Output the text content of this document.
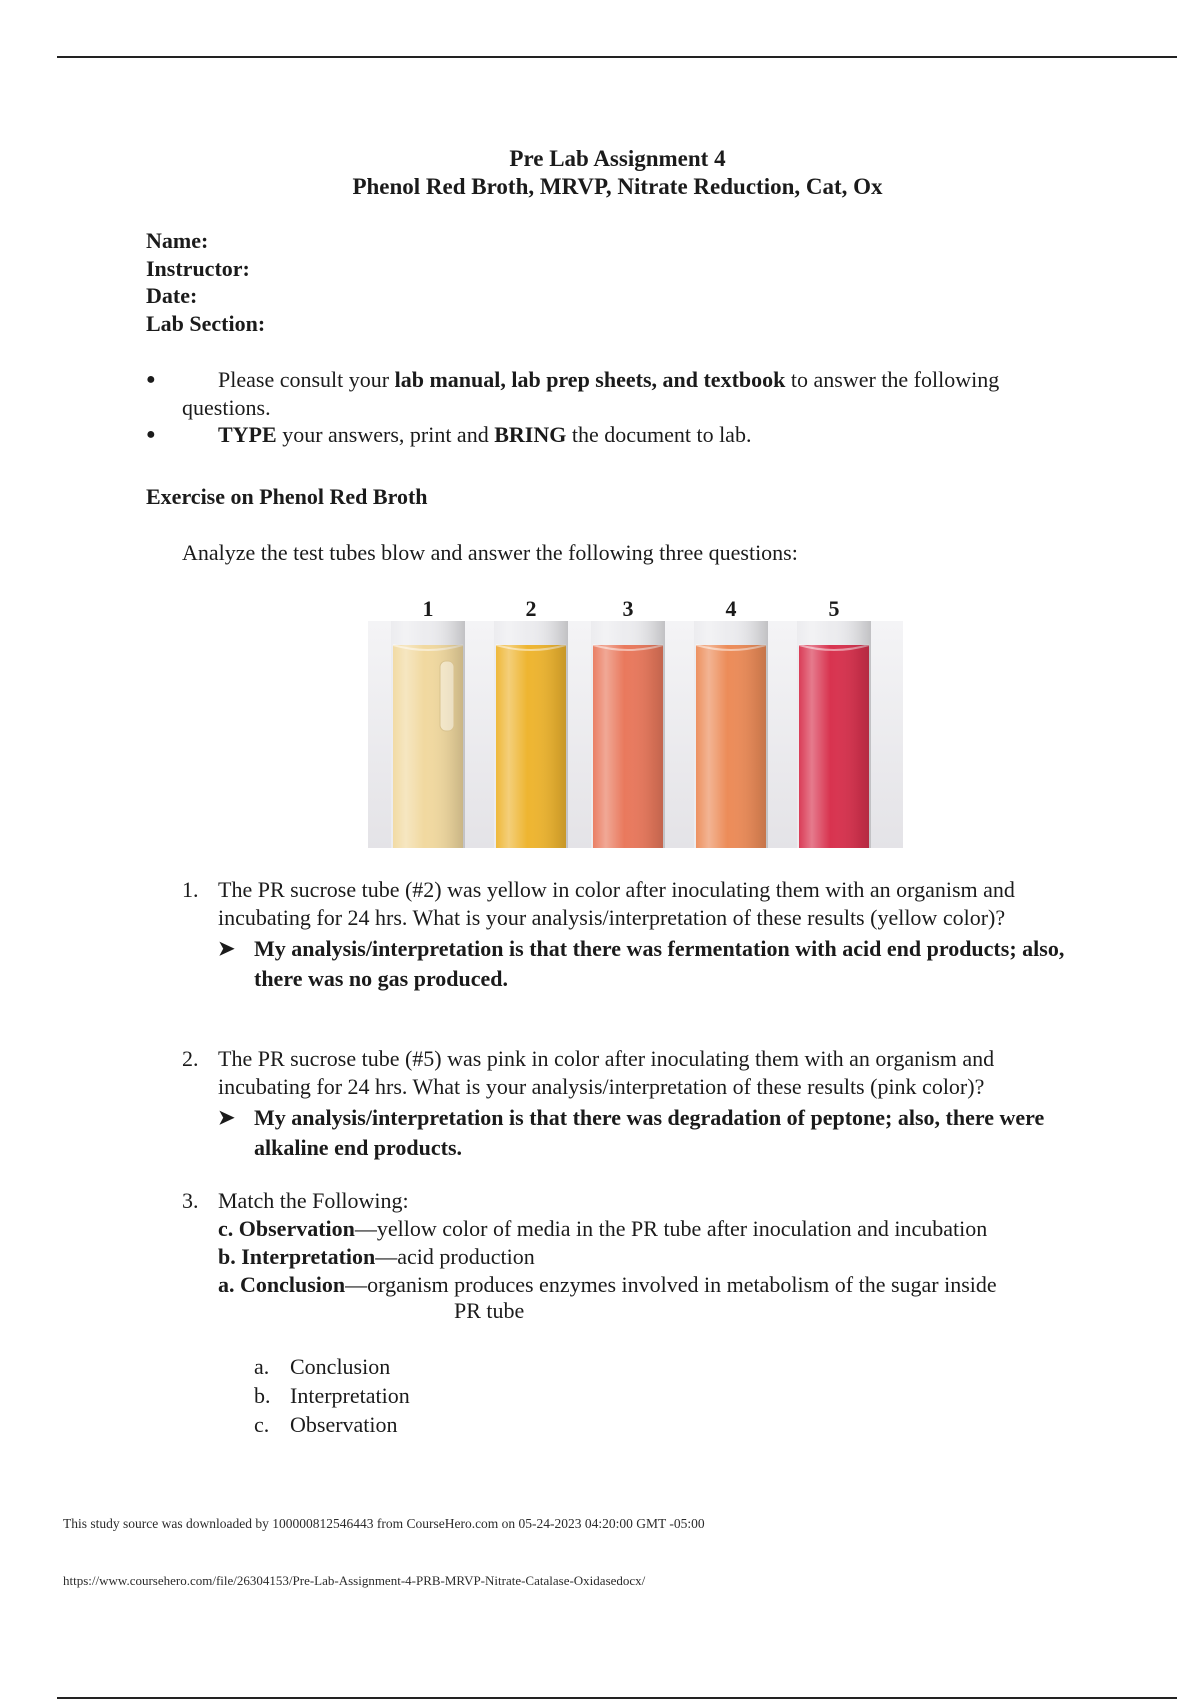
Pre Lab Assignment 4
Phenol Red Broth, MRVP, Nitrate Reduction, Cat, Ox
Name:
Instructor:
Date:
Lab Section:
●	Please consult your lab manual, lab prep sheets, and textbook to answer the following questions.
●	TYPE your answers, print and BRING the document to lab.
Exercise on Phenol Red Broth
Analyze the test tubes blow and answer the following three questions:
1	2	3	4	5
1. The PR sucrose tube (#2) was yellow in color after inoculating them with an organism and incubating for 24 hrs. What is your analysis/interpretation of these results (yellow color)?
➤ My analysis/interpretation is that there was fermentation with acid end products; also, there was no gas produced.
2. The PR sucrose tube (#5) was pink in color after inoculating them with an organism and incubating for 24 hrs. What is your analysis/interpretation of these results (pink color)?
➤ My analysis/interpretation is that there was degradation of peptone; also, there were alkaline end products.
3. Match the Following:
c. Observation—yellow color of media in the PR tube after inoculation and incubation
b. Interpretation—acid production
a. Conclusion—organism produces enzymes involved in metabolism of the sugar inside
PR tube
a. Conclusion
b. Interpretation
c. Observation
This study source was downloaded by 100000812546443 from CourseHero.com on 05-24-2023 04:20:00 GMT -05:00
https://www.coursehero.com/file/26304153/Pre-Lab-Assignment-4-PRB-MRVP-Nitrate-Catalase-Oxidasedocx/
